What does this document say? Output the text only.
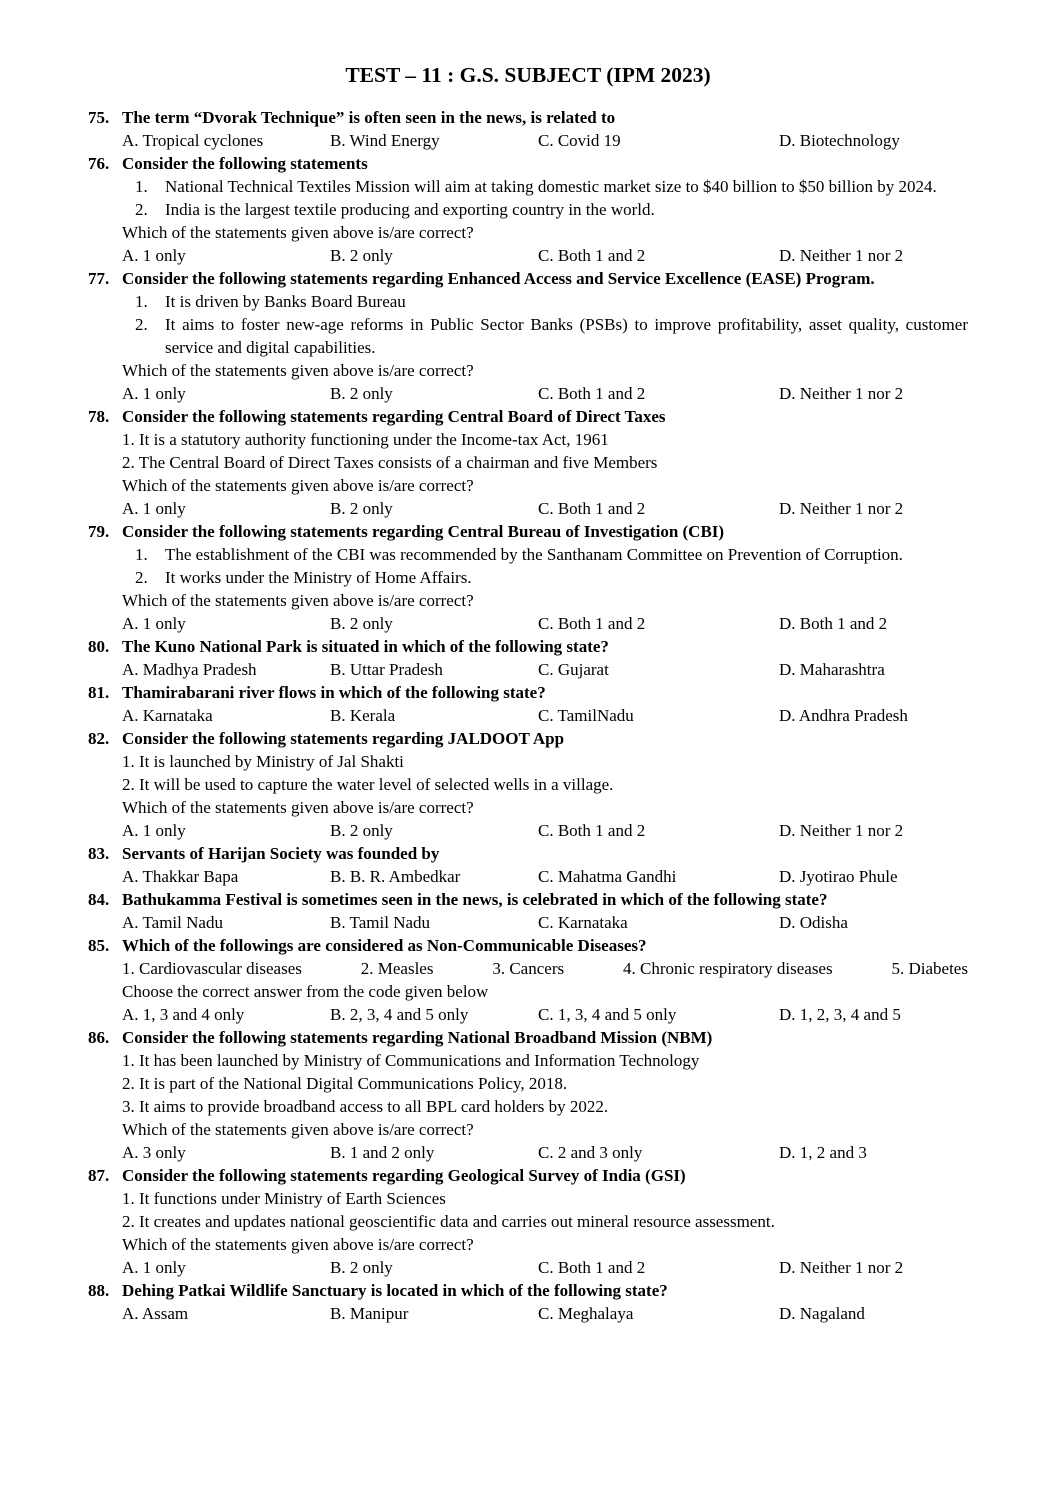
TEST – 11 : G.S. SUBJECT (IPM 2023)
75. The term “Dvorak Technique” is often seen in the news, is related to
A. Tropical cyclones	B. Wind Energy	C. Covid 19	D. Biotechnology
76. Consider the following statements
1.	National Technical Textiles Mission will aim at taking domestic market size to $40 billion to $50 billion by 2024.
2.	India is the largest textile producing and exporting country in the world.
Which of the statements given above is/are correct?
A. 1 only	B. 2 only	C. Both 1 and 2	D. Neither 1 nor 2
77. Consider the following statements regarding Enhanced Access and Service Excellence (EASE) Program.
1.	It is driven by Banks Board Bureau
2.	It aims to foster new-age reforms in Public Sector Banks (PSBs) to improve profitability, asset quality, customer service and digital capabilities.
Which of the statements given above is/are correct?
A. 1 only	B. 2 only	C. Both 1 and 2	D. Neither 1 nor 2
78. Consider the following statements regarding Central Board of Direct Taxes
1. It is a statutory authority functioning under the Income-tax Act, 1961
2. The Central Board of Direct Taxes consists of a chairman and five Members
Which of the statements given above is/are correct?
A. 1 only	B. 2 only	C. Both 1 and 2	D. Neither 1 nor 2
79. Consider the following statements regarding Central Bureau of Investigation (CBI)
1.	The establishment of the CBI was recommended by the Santhanam Committee on Prevention of Corruption.
2.	It works under the Ministry of Home Affairs.
Which of the statements given above is/are correct?
A. 1 only	B. 2 only	C. Both 1 and 2	D. Both 1 and 2
80. The Kuno National Park is situated in which of the following state?
A. Madhya Pradesh	B. Uttar Pradesh	C. Gujarat	D. Maharashtra
81. Thamirabarani river flows in which of the following state?
A. Karnataka	B. Kerala	C. TamilNadu	D. Andhra Pradesh
82. Consider the following statements regarding JALDOOT App
1. It is launched by Ministry of Jal Shakti
2. It will be used to capture the water level of selected wells in a village.
Which of the statements given above is/are correct?
A. 1 only	B. 2 only	C. Both 1 and 2	D. Neither 1 nor 2
83. Servants of Harijan Society was founded by
A. Thakkar Bapa	B. B. R. Ambedkar	C. Mahatma Gandhi	D. Jyotirao Phule
84. Bathukamma Festival is sometimes seen in the news, is celebrated in which of the following state?
A. Tamil Nadu	B. Tamil Nadu	C. Karnataka	D. Odisha
85. Which of the followings are considered as Non-Communicable Diseases?
1. Cardiovascular diseases	2. Measles	3. Cancers	4. Chronic respiratory diseases	5. Diabetes
Choose the correct answer from the code given below
A. 1, 3 and 4 only	B. 2, 3, 4 and 5 only	C. 1, 3, 4 and 5 only	D. 1, 2, 3, 4 and 5
86. Consider the following statements regarding National Broadband Mission (NBM)
1. It has been launched by Ministry of Communications and Information Technology
2. It is part of the National Digital Communications Policy, 2018.
3. It aims to provide broadband access to all BPL card holders by 2022.
Which of the statements given above is/are correct?
A. 3 only	B. 1 and 2 only	C. 2 and 3 only	D. 1, 2 and 3
87. Consider the following statements regarding Geological Survey of India (GSI)
1. It functions under Ministry of Earth Sciences
2. It creates and updates national geoscientific data and carries out mineral resource assessment.
Which of the statements given above is/are correct?
A. 1 only	B. 2 only	C. Both 1 and 2	D. Neither 1 nor 2
88. Dehing Patkai Wildlife Sanctuary is located in which of the following state?
A. Assam	B. Manipur	C. Meghalaya	D. Nagaland
